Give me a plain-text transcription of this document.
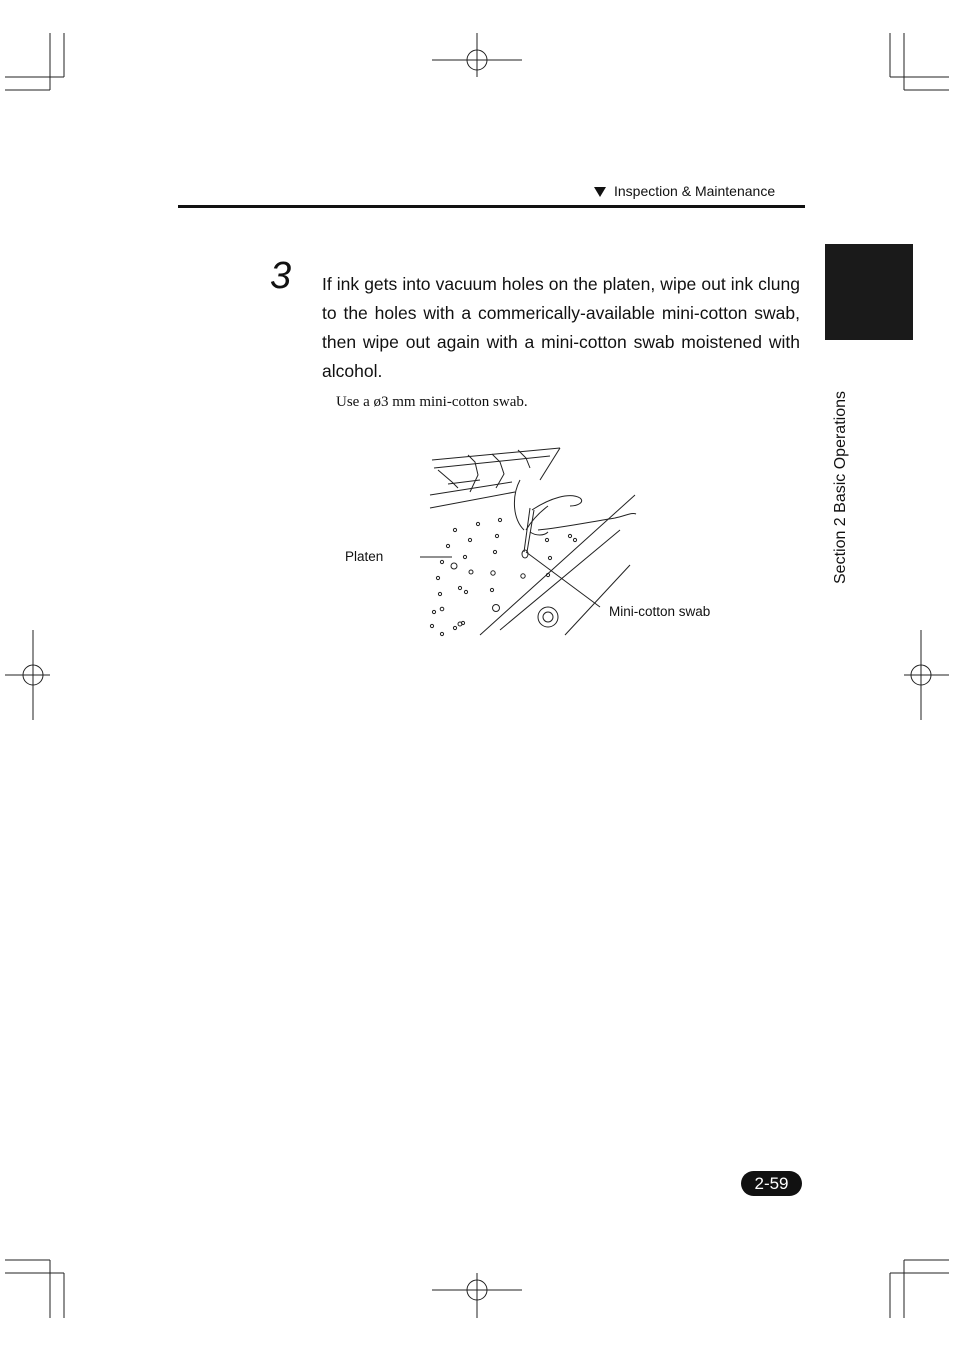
Inspection & Maintenance
3 If ink gets into vacuum holes on the platen, wipe out ink clung to the holes with a commerically-available mini-cotton swab, then wipe out again with a mini-cotton swab moistened with alcohol.
Use a ø3 mm mini-cotton swab.
Platen
Mini-cotton swab
Section 2 Basic Operations
2-59
